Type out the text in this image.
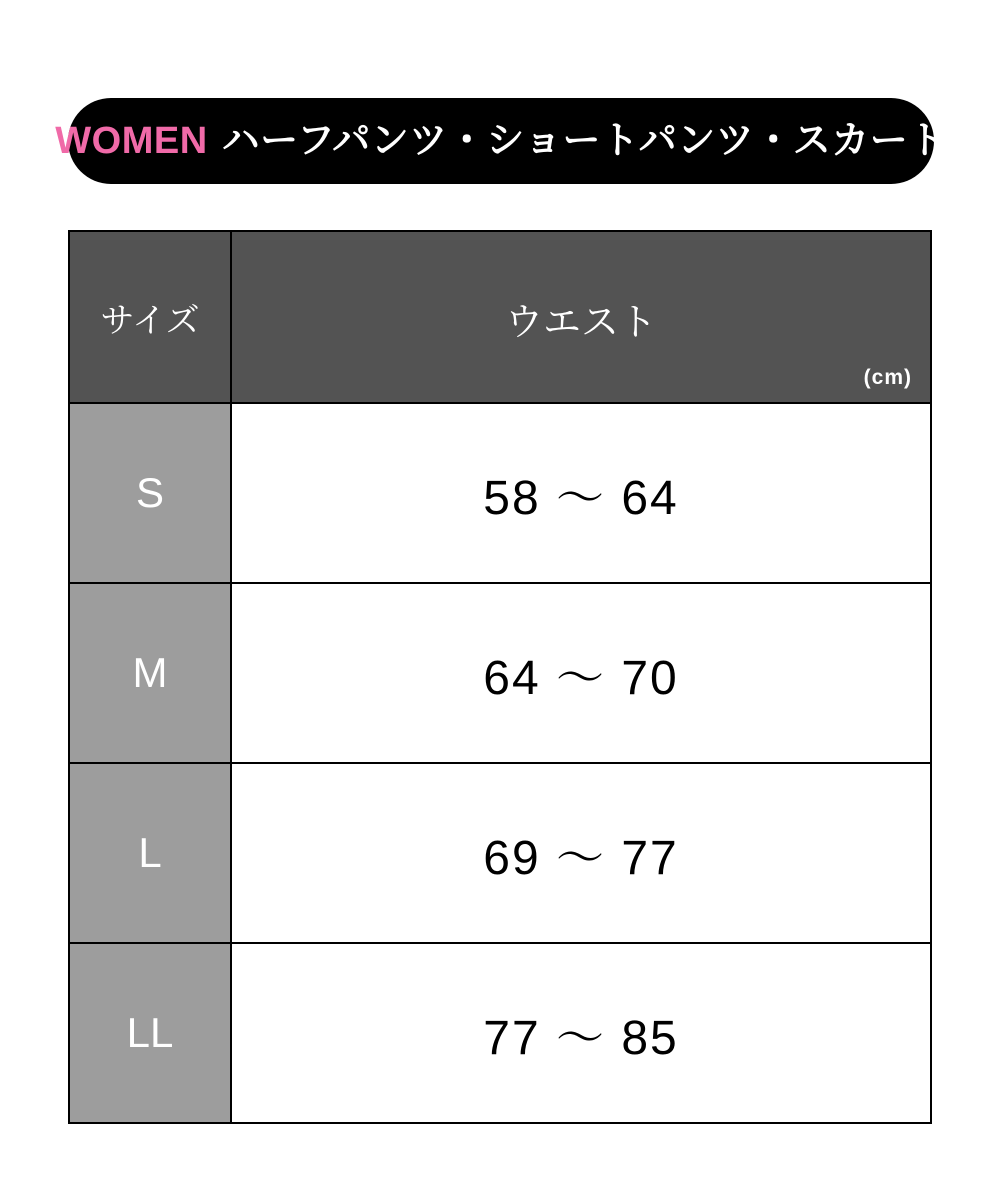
WOMEN ハーフパンツ・ショートパンツ・スカート
サイズ	ウエスト
(cm)

S	58 〜 64
M	64 〜 70
L	69 〜 77
LL	77 〜 85
